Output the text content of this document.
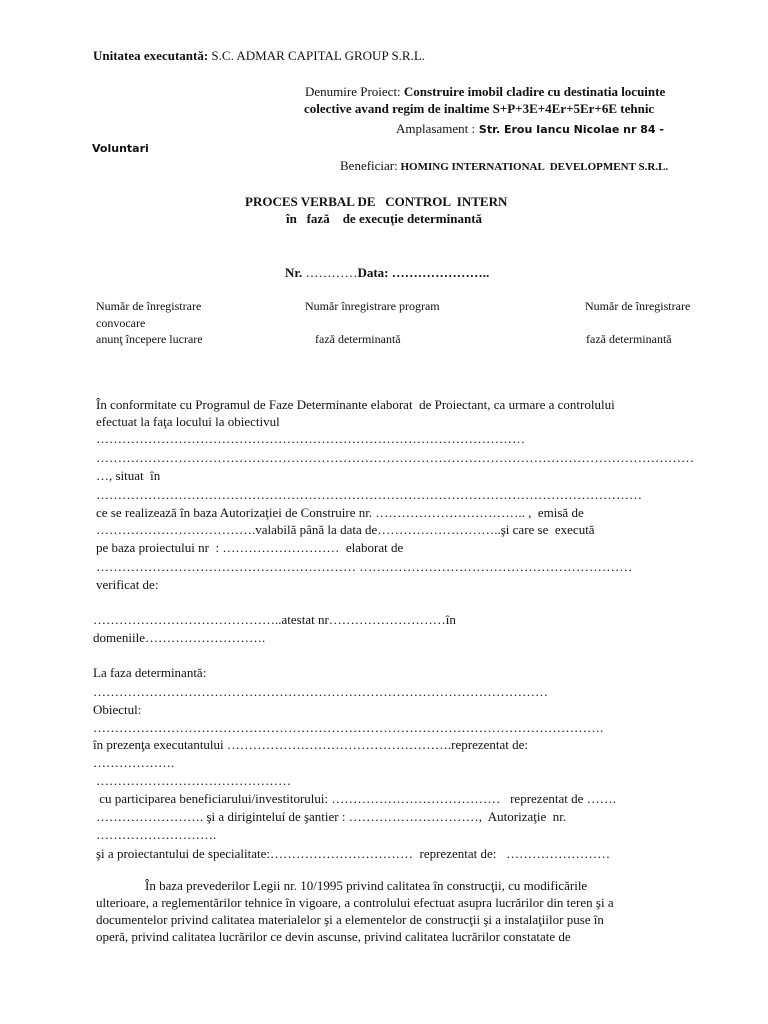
Unitatea executantă: S.C. ADMAR CAPITAL GROUP S.R.L.
Denumire Proiect: Construire imobil cladire cu destinatia locuinte
colective avand regim de inaltime S+P+3E+4Er+5Er+6E tehnic
Amplasament : Str. Erou Iancu Nicolae nr 84 -
Voluntari
Beneficiar: HOMING INTERNATIONAL  DEVELOPMENT S.R.L.
PROCES VERBAL DE   CONTROL  INTERN
în   fază    de execuţie determinantă
Nr. …………Data: …………………..
Număr de înregistrare
convocare
anunţ începere lucrare
Număr înregistrare program
fază determinantă
Număr de înregistrare
fază determinantă
În conformitate cu Programul de Faze Determinante elaborat  de Proiectant, ca urmare a controlului
efectuat la faţa locului la obiectivul
………………………………………………………………………………………
…………………………………………………………………………………………………………………………
…, situat  în
………………………………………………………………………………………………………………
ce se realizează în baza Autorizaţiei de Construire nr. …………………………….. ,  emisă de
……………………………….valabilă până la data de………………………..şi care se  execută
pe baza proiectului nr  : ………………………  elaborat de
…………………………………………………… ………………………………………………………
verificat de:
……………………………………..atestat nr………………………în
domeniile……………………….
La faza determinantă:
……………………………………………………………………………………………
Obiectul:
……………………………………………………………………………………………………….
în prezenţa executantului …………………………………………….reprezentat de:
……………….
………………………………………
cu participarea beneficiarului/investitorului: …………………………………   reprezentat de …….
……………………. şi a diriginteluí de şantier : …………………………,  Autorizaţie  nr.
……………………….
şi a proiectantului de specialitate:……………………………  reprezentat de:   ……………………
În baza prevederilor Legii nr. 10/1995 privind calitatea în construcţii, cu modificările
ulterioare, a reglementărilor tehnice în vigoare, a controlului efectuat asupra lucrărilor din teren şi a
documentelor privind calitatea materialelor şi a elementelor de construcţii şi a instalaţiilor puse în
operă, privind calitatea lucrărilor ce devin ascunse, privind calitatea lucrărilor constatate de
